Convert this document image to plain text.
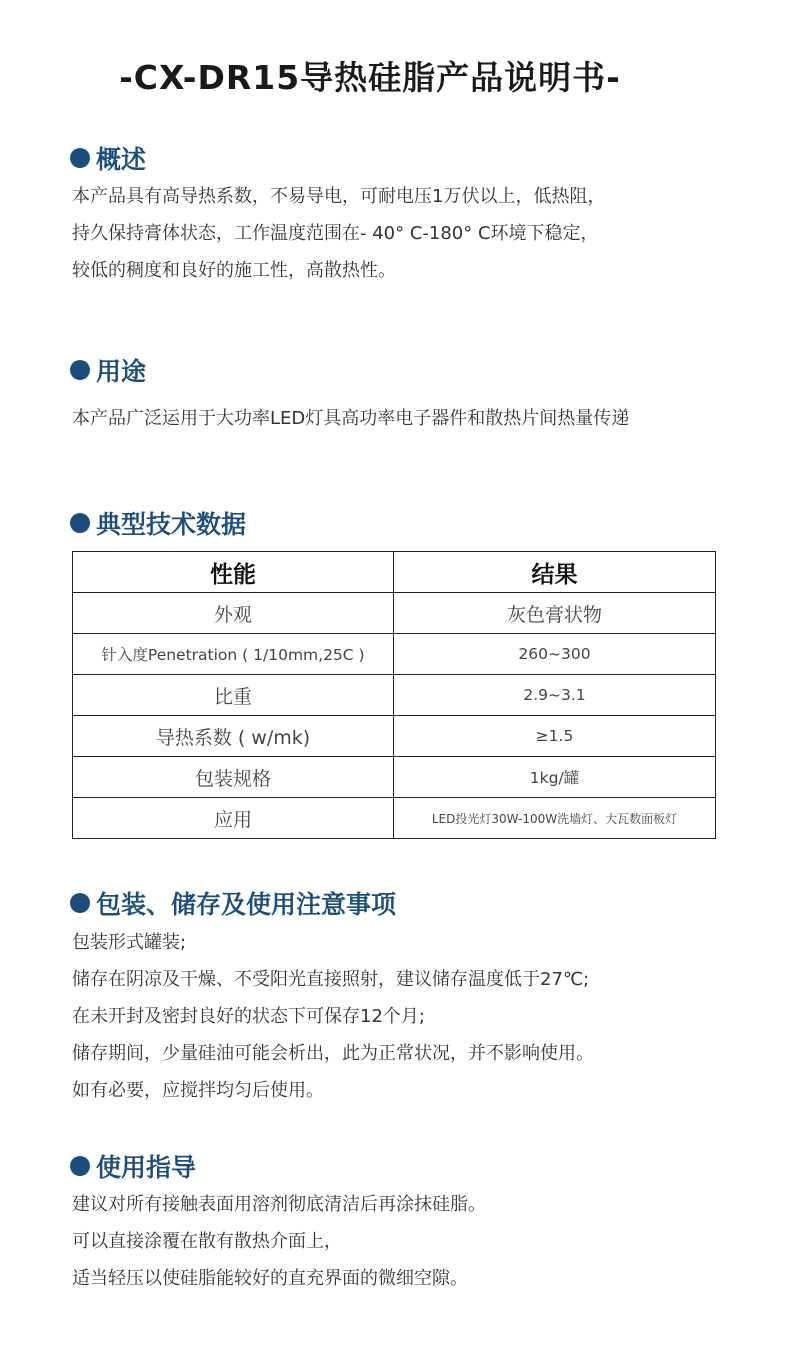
-CX-DR15导热硅脂产品说明书-
概述
本产品具有高导热系数，不易导电，可耐电压1万伏以上，低热阻，
持久保持膏体状态，工作温度范围在- 40° C-180° C环境下稳定，
较低的稠度和良好的施工性，高散热性。
用途
本产品广泛运用于大功率LED灯具高功率电子器件和散热片间热量传递
典型技术数据
性能	结果
外观	灰色膏状物
针入度Penetration ( 1/10mm,25C )	260~300
比重	2.9~3.1
导热系数 ( w/mk)	≥1.5
包装规格	1kg/罐
应用	LED投光灯30W-100W洗墙灯、大瓦数面板灯
包装、储存及使用注意事项
包装形式罐装;
储存在阴凉及干燥、不受阳光直接照射，建议储存温度低于27℃;
在未开封及密封良好的状态下可保存12个月;
储存期间，少量硅油可能会析出，此为正常状况，并不影响使用。
如有必要，应搅拌均匀后使用。
使用指导
建议对所有接触表面用溶剂彻底清洁后再涂抹硅脂。
可以直接涂覆在散有散热介面上，
适当轻压以使硅脂能较好的直充界面的微细空隙。
